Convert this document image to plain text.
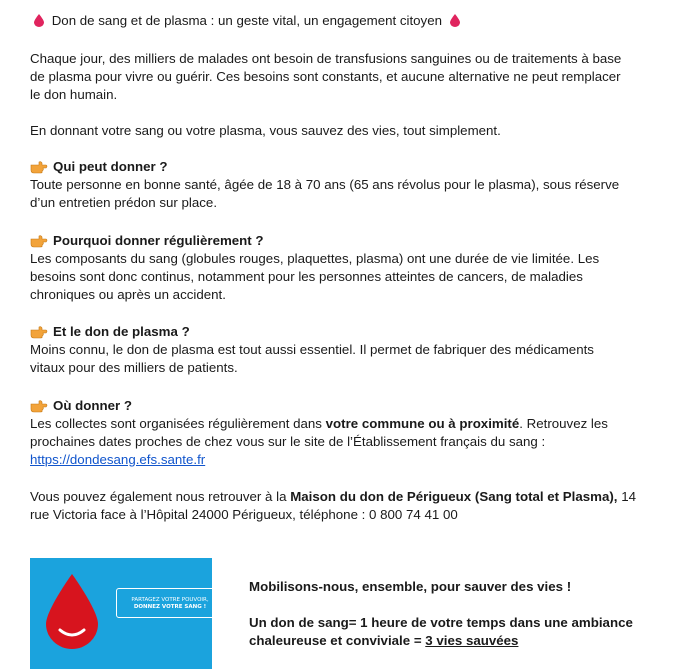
Don de sang et de plasma : un geste vital, un engagement citoyen
Chaque jour, des milliers de malades ont besoin de transfusions sanguines ou de traitements à base
de plasma pour vivre ou guérir. Ces besoins sont constants, et aucune alternative ne peut remplacer
le don humain.
En donnant votre sang ou votre plasma, vous sauvez des vies, tout simplement.
Qui peut donner ?
Toute personne en bonne santé, âgée de 18 à 70 ans (65 ans révolus pour le plasma), sous réserve
d’un entretien prédon sur place.
Pourquoi donner régulièrement ?
Les composants du sang (globules rouges, plaquettes, plasma) ont une durée de vie limitée. Les
besoins sont donc continus, notamment pour les personnes atteintes de cancers, de maladies
chroniques ou après un accident.
Et le don de plasma ?
Moins connu, le don de plasma est tout aussi essentiel. Il permet de fabriquer des médicaments
vitaux pour des milliers de patients.
Où donner ?
Les collectes sont organisées régulièrement dans votre commune ou à proximité. Retrouvez les
prochaines dates proches de chez vous sur le site de l’Établissement français du sang :
https://dondesang.efs.sante.fr
Vous pouvez également nous retrouver à la Maison du don de Périgueux (Sang total et Plasma), 14
rue Victoria face à l’Hôpital 24000 Périgueux, téléphone : 0 800 74 41 00
PARTAGEZ VOTRE POUVOIR,
DONNEZ VOTRE SANG !
Mobilisons-nous, ensemble, pour sauver des vies !
Un don de sang= 1 heure de votre temps dans une ambiance
chaleureuse et conviviale = 3 vies sauvées
